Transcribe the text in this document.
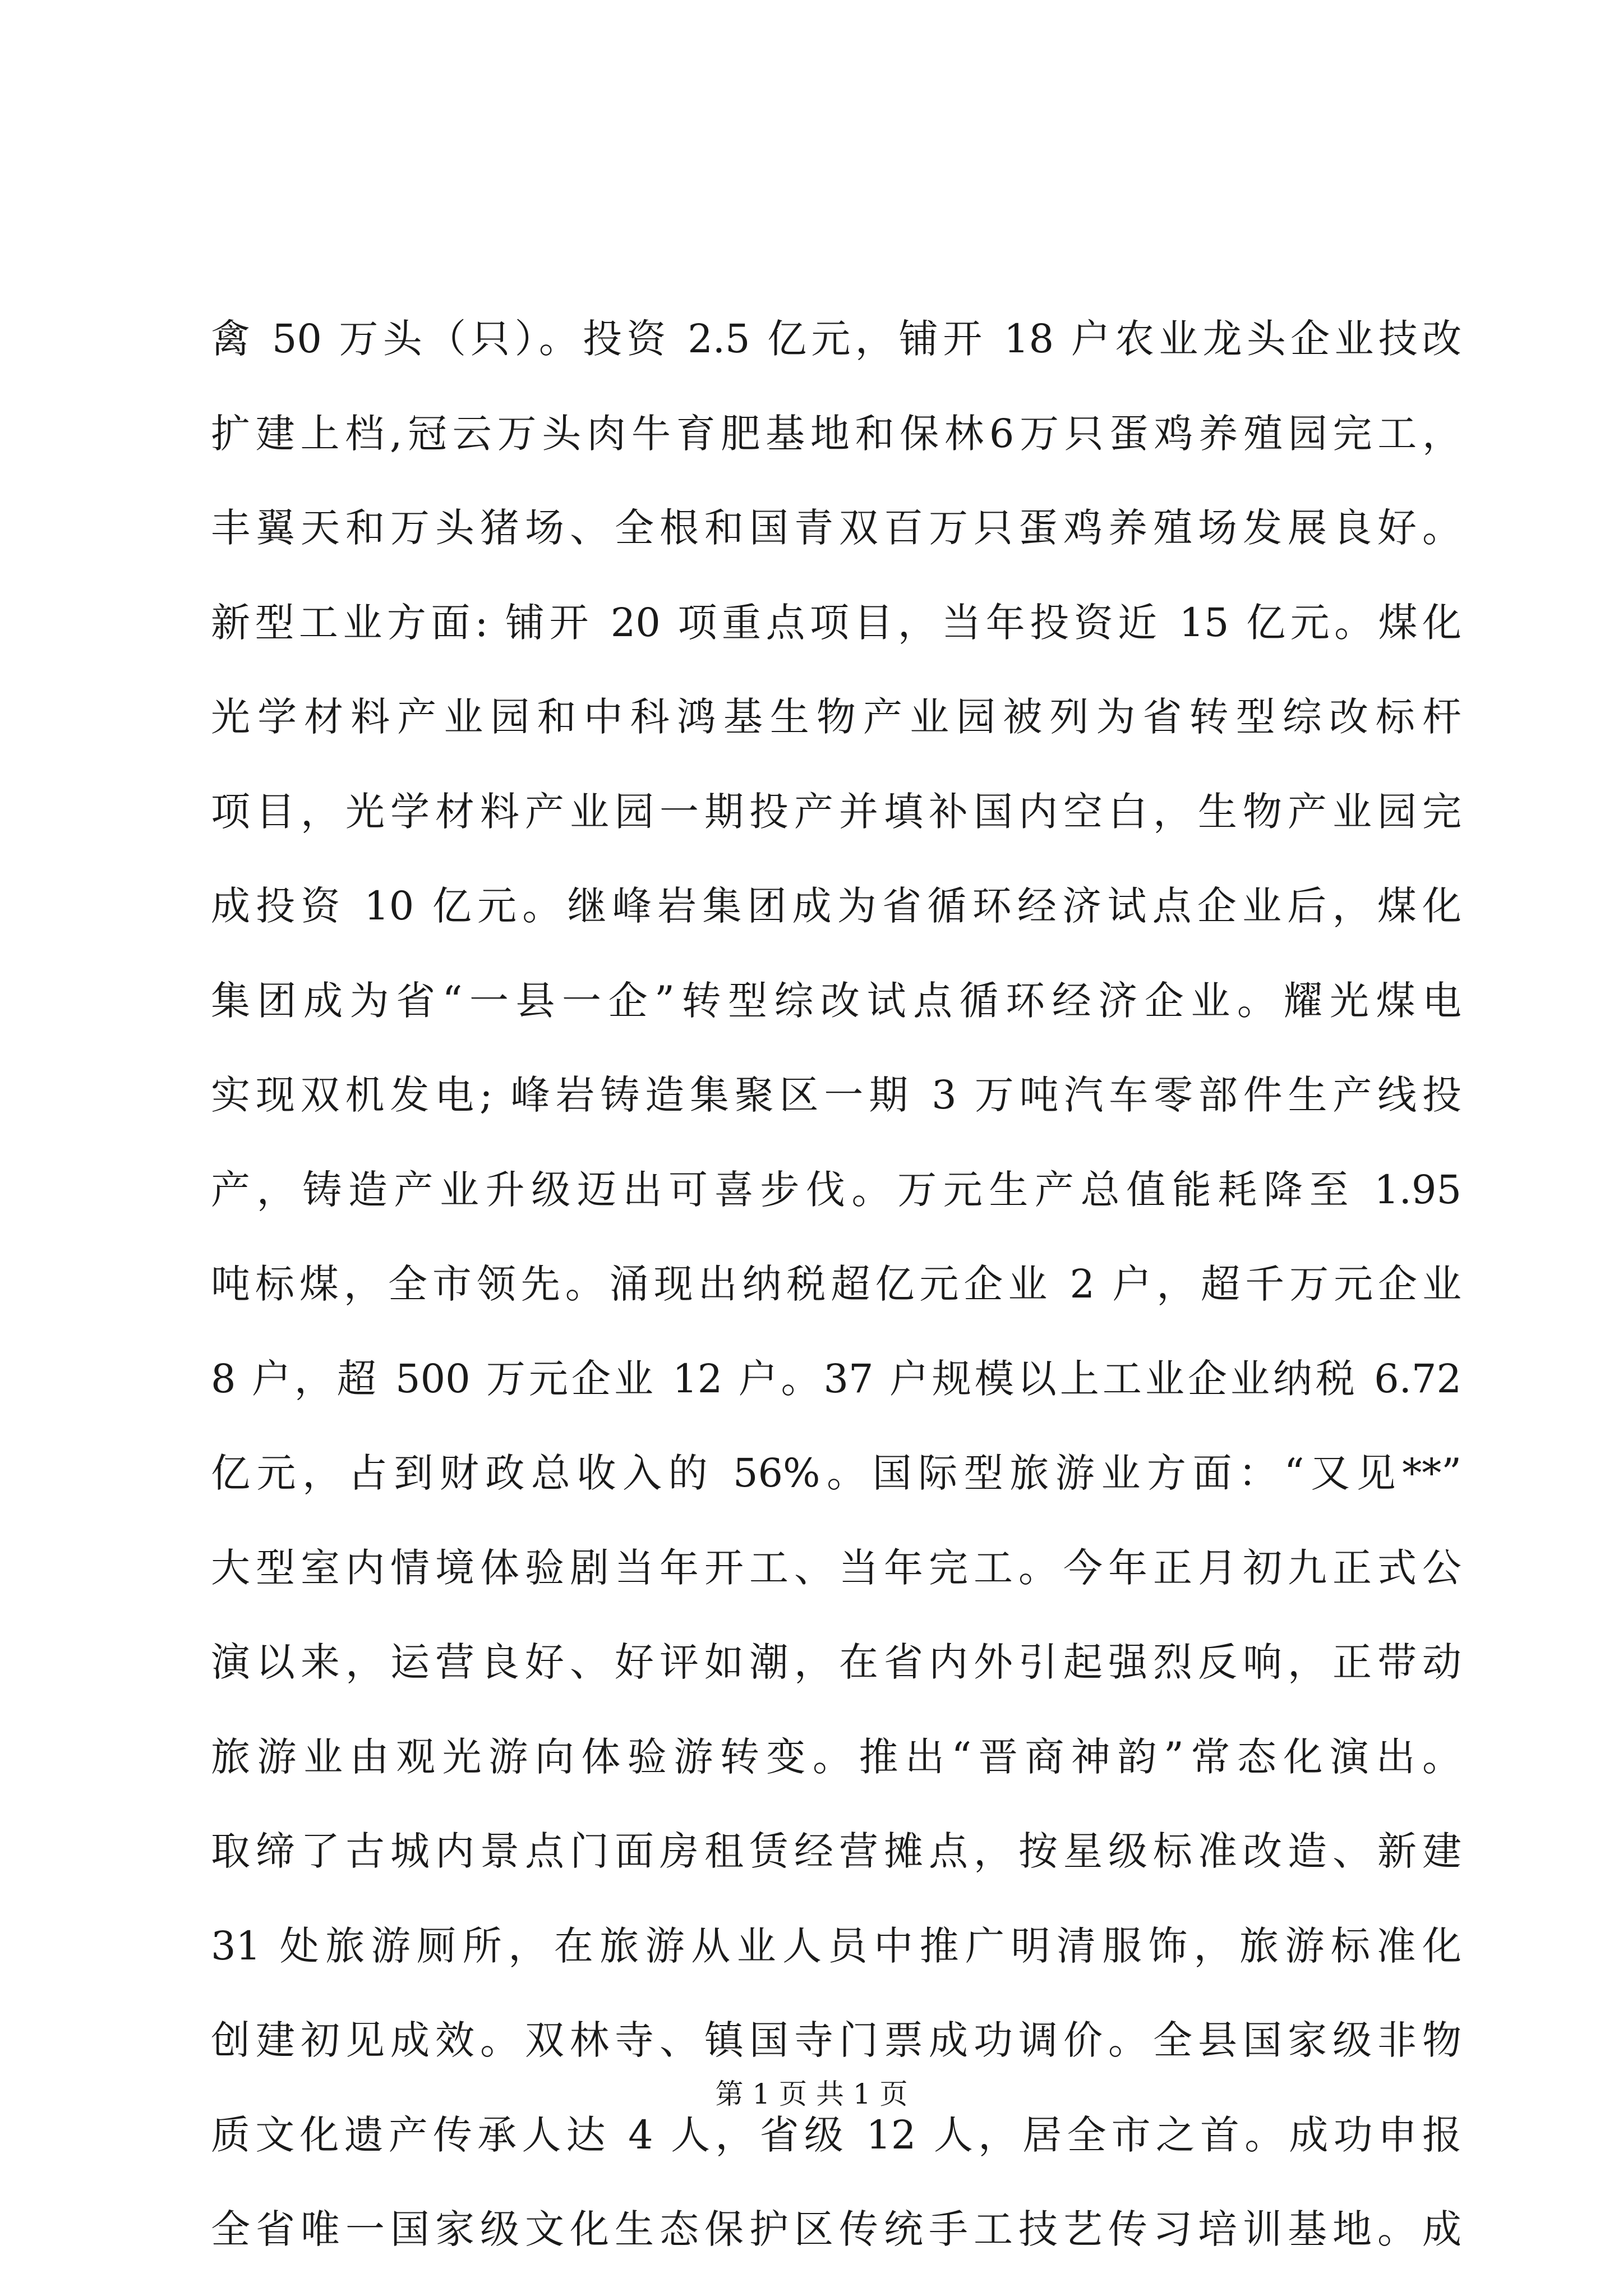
禽 50 万头（只）。投资 2.5 亿元，铺开 18 户农业龙头企业技改
扩建上档,冠云万头肉牛育肥基地和保林6万只蛋鸡养殖园完工，
丰翼天和万头猪场、全根和国青双百万只蛋鸡养殖场发展良好。
新型工业方面: 铺开 20 项重点项目，当年投资近 15 亿元。煤化
光学材料产业园和中科鸿基生物产业园被列为省转型综改标杆
项目，光学材料产业园一期投产并填补国内空白，生物产业园完
成投资 10 亿元。继峰岩集团成为省循环经济试点企业后，煤化
集团成为省“一县一企”转型综改试点循环经济企业。耀光煤电
实现双机发电; 峰岩铸造集聚区一期 3 万吨汽车零部件生产线投
产，铸造产业升级迈出可喜步伐。万元生产总值能耗降至 1.95
吨标煤，全市领先。涌现出纳税超亿元企业 2 户，超千万元企业
8 户，超 500 万元企业 12 户。37 户规模以上工业企业纳税 6.72
亿元，占到财政总收入的 56%。国际型旅游业方面：“又见**”
大型室内情境体验剧当年开工、当年完工。今年正月初九正式公
演以来，运营良好、好评如潮，在省内外引起强烈反响，正带动
旅游业由观光游向体验游转变。推出“晋商神韵”常态化演出。
取缔了古城内景点门面房租赁经营摊点，按星级标准改造、新建
31 处旅游厕所，在旅游从业人员中推广明清服饰，旅游标准化
创建初见成效。双林寺、镇国寺门票成功调价。全县国家级非物
质文化遗产传承人达 4 人，省级 12 人，居全市之首。成功申报
全省唯一国家级文化生态保护区传统手工技艺传习培训基地。成
第 1 页 共 1 页
